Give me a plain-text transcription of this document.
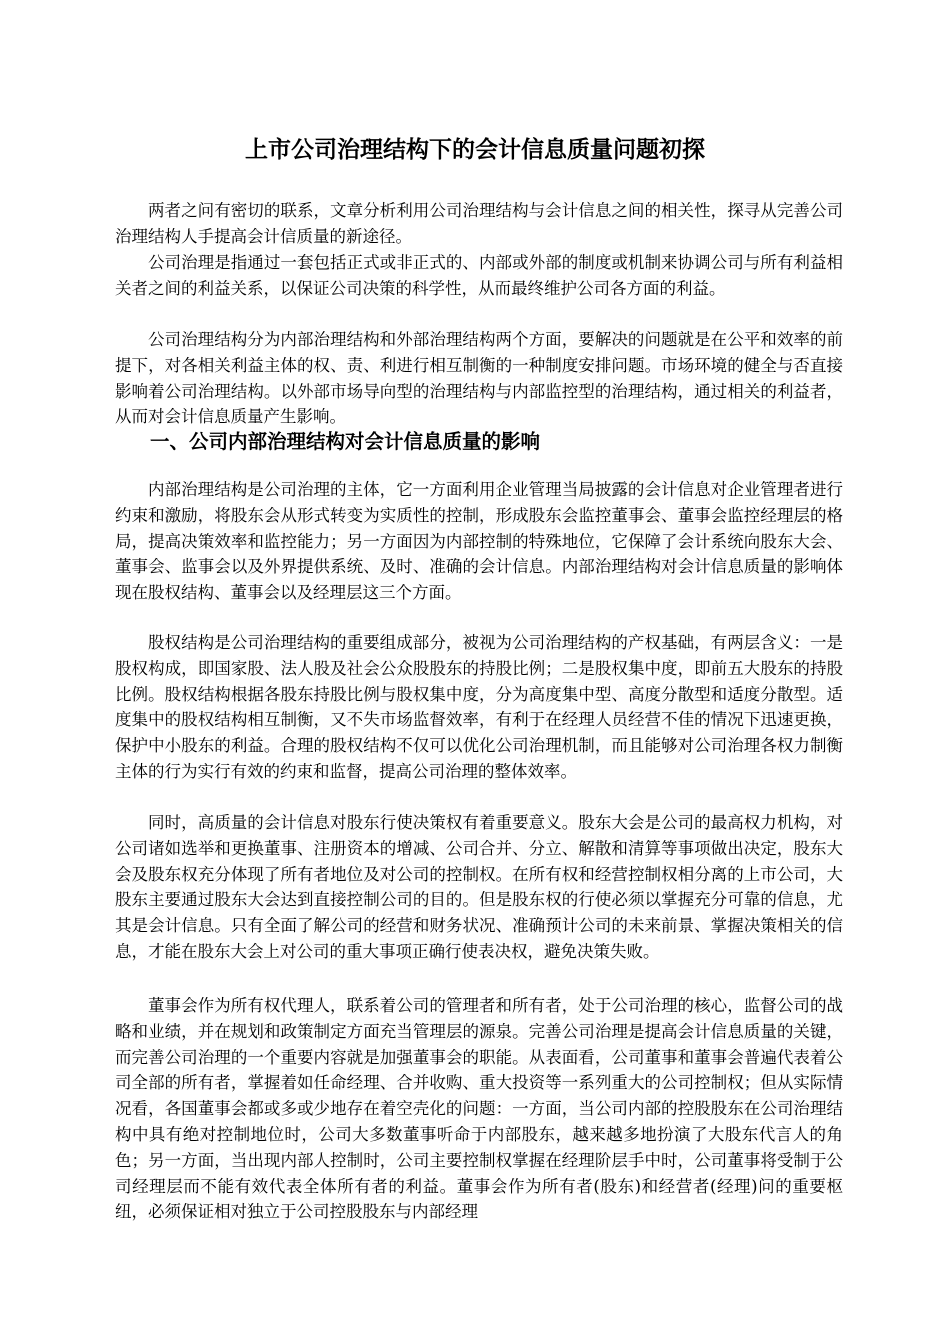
上市公司治理结构下的会计信息质量问题初探

两者之问有密切的联系，文章分析利用公司治理结构与会计信息之间的相关性，探寻从完善公司治理结构人手提高会计信质量的新途径。

公司治理是指通过一套包括正式或非正式的、内部或外部的制度或机制来协调公司与所有利益相关者之间的利益关系，以保证公司决策的科学性，从而最终维护公司各方面的利益。

公司治理结构分为内部治理结构和外部治理结构两个方面，要解决的问题就是在公平和效率的前提下，对各相关利益主体的权、责、利进行相互制衡的一种制度安排问题。市场环境的健全与否直接影响着公司治理结构。以外部市场导向型的治理结构与内部监控型的治理结构，通过相关的利益者，从而对会计信息质量产生影响。

一、公司内部治理结构对会计信息质量的影响

内部治理结构是公司治理的主体，它一方面利用企业管理当局披露的会计信息对企业管理者进行约束和激励，将股东会从形式转变为实质性的控制，形成股东会监控董事会、董事会监控经理层的格局，提高决策效率和监控能力；另一方面因为内部控制的特殊地位，它保障了会计系统向股东大会、董事会、监事会以及外界提供系统、及时、准确的会计信息。内部治理结构对会计信息质量的影响体现在股权结构、董事会以及经理层这三个方面。

股权结构是公司治理结构的重要组成部分，被视为公司治理结构的产权基础，有两层含义：一是股权构成，即国家股、法人股及社会公众股股东的持股比例；二是股权集中度，即前五大股东的持股比例。股权结构根据各股东持股比例与股权集中度，分为高度集中型、高度分散型和适度分散型。适度集中的股权结构相互制衡，又不失市场监督效率，有利于在经理人员经营不佳的情况下迅速更换，保护中小股东的利益。合理的股权结构不仅可以优化公司治理机制，而且能够对公司治理各权力制衡主体的行为实行有效的约束和监督，提高公司治理的整体效率。

同时，高质量的会计信息对股东行使决策权有着重要意义。股东大会是公司的最高权力机构，对公司诸如选举和更换董事、注册资本的增减、公司合并、分立、解散和清算等事项做出决定，股东大会及股东权充分体现了所有者地位及对公司的控制权。在所有权和经营控制权相分离的上市公司，大股东主要通过股东大会达到直接控制公司的目的。但是股东权的行使必须以掌握充分可靠的信息，尤其是会计信息。只有全面了解公司的经营和财务状况、准确预计公司的未来前景、掌握决策相关的信息，才能在股东大会上对公司的重大事项正确行使表决权，避免决策失败。

董事会作为所有权代理人，联系着公司的管理者和所有者，处于公司治理的核心，监督公司的战略和业绩，并在规划和政策制定方面充当管理层的源泉。完善公司治理是提高会计信息质量的关键，而完善公司治理的一个重要内容就是加强董事会的职能。从表面看，公司董事和董事会普遍代表着公司全部的所有者，掌握着如任命经理、合并收购、重大投资等一系列重大的公司控制权；但从实际情况看，各国董事会都或多或少地存在着空壳化的问题：一方面，当公司内部的控股股东在公司治理结构中具有绝对控制地位时，公司大多数董事听命于内部股东，越来越多地扮演了大股东代言人的角色；另一方面，当出现内部人控制时，公司主要控制权掌握在经理阶层手中时，公司董事将受制于公司经理层而不能有效代表全体所有者的利益。董事会作为所有者(股东)和经营者(经理)问的重要枢纽，必须保证相对独立于公司控股股东与内部经理
